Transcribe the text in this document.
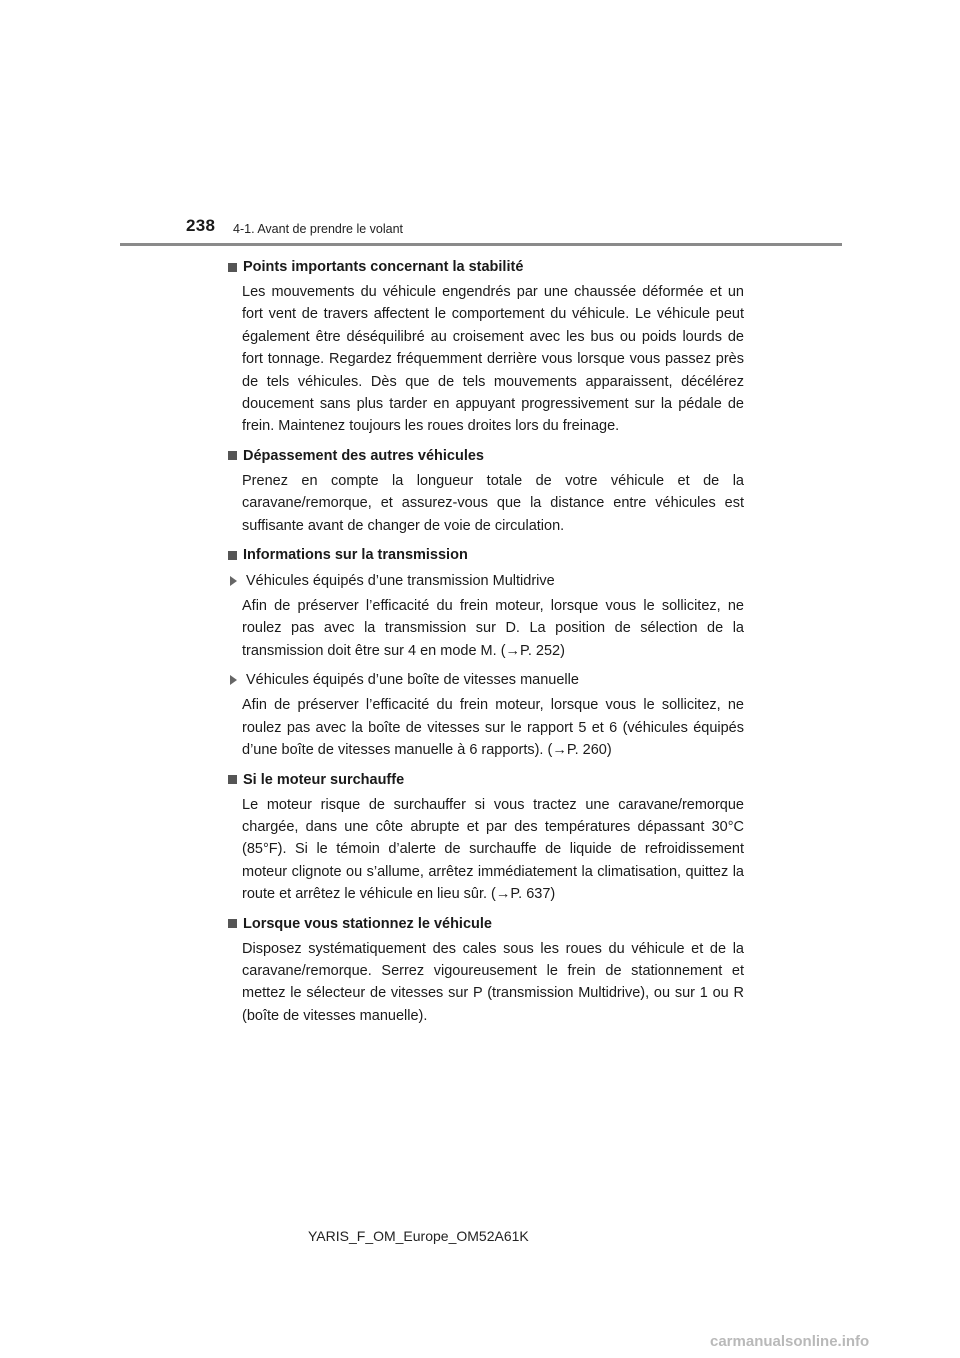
238 4-1. Avant de prendre le volant
Points importants concernant la stabilité

Les mouvements du véhicule engendrés par une chaussée déformée et un fort vent de travers affectent le comportement du véhicule. Le véhicule peut également être déséquilibré au croisement avec les bus ou poids lourds de fort tonnage. Regardez fréquemment derrière vous lorsque vous passez près de tels véhicules. Dès que de tels mouvements apparaissent, décélérez doucement sans plus tarder en appuyant progressivement sur la pédale de frein. Maintenez toujours les roues droites lors du freinage.

Dépassement des autres véhicules

Prenez en compte la longueur totale de votre véhicule et de la caravane/remorque, et assurez-vous que la distance entre véhicules est suffisante avant de changer de voie de circulation.

Informations sur la transmission
Véhicules équipés d’une transmission Multidrive

Afin de préserver l’efficacité du frein moteur, lorsque vous le sollicitez, ne roulez pas avec la transmission sur D. La position de sélection de la transmission doit être sur 4 en mode M. (→P. 252)

Véhicules équipés d’une boîte de vitesses manuelle

Afin de préserver l’efficacité du frein moteur, lorsque vous le sollicitez, ne roulez pas avec la boîte de vitesses sur le rapport 5 et 6 (véhicules équipés d’une boîte de vitesses manuelle à 6 rapports). (→P. 260)

Si le moteur surchauffe

Le moteur risque de surchauffer si vous tractez une caravane/remorque chargée, dans une côte abrupte et par des températures dépassant 30°C (85°F). Si le témoin d’alerte de surchauffe de liquide de refroidissement moteur clignote ou s’allume, arrêtez immédiatement la climatisation, quittez la route et arrêtez le véhicule en lieu sûr. (→P. 637)

Lorsque vous stationnez le véhicule

Disposez systématiquement des cales sous les roues du véhicule et de la caravane/remorque. Serrez vigoureusement le frein de stationnement et mettez le sélecteur de vitesses sur P (transmission Multidrive), ou sur 1 ou R (boîte de vitesses manuelle).

YARIS_F_OM_Europe_OM52A61K
carmanualsonline.info
